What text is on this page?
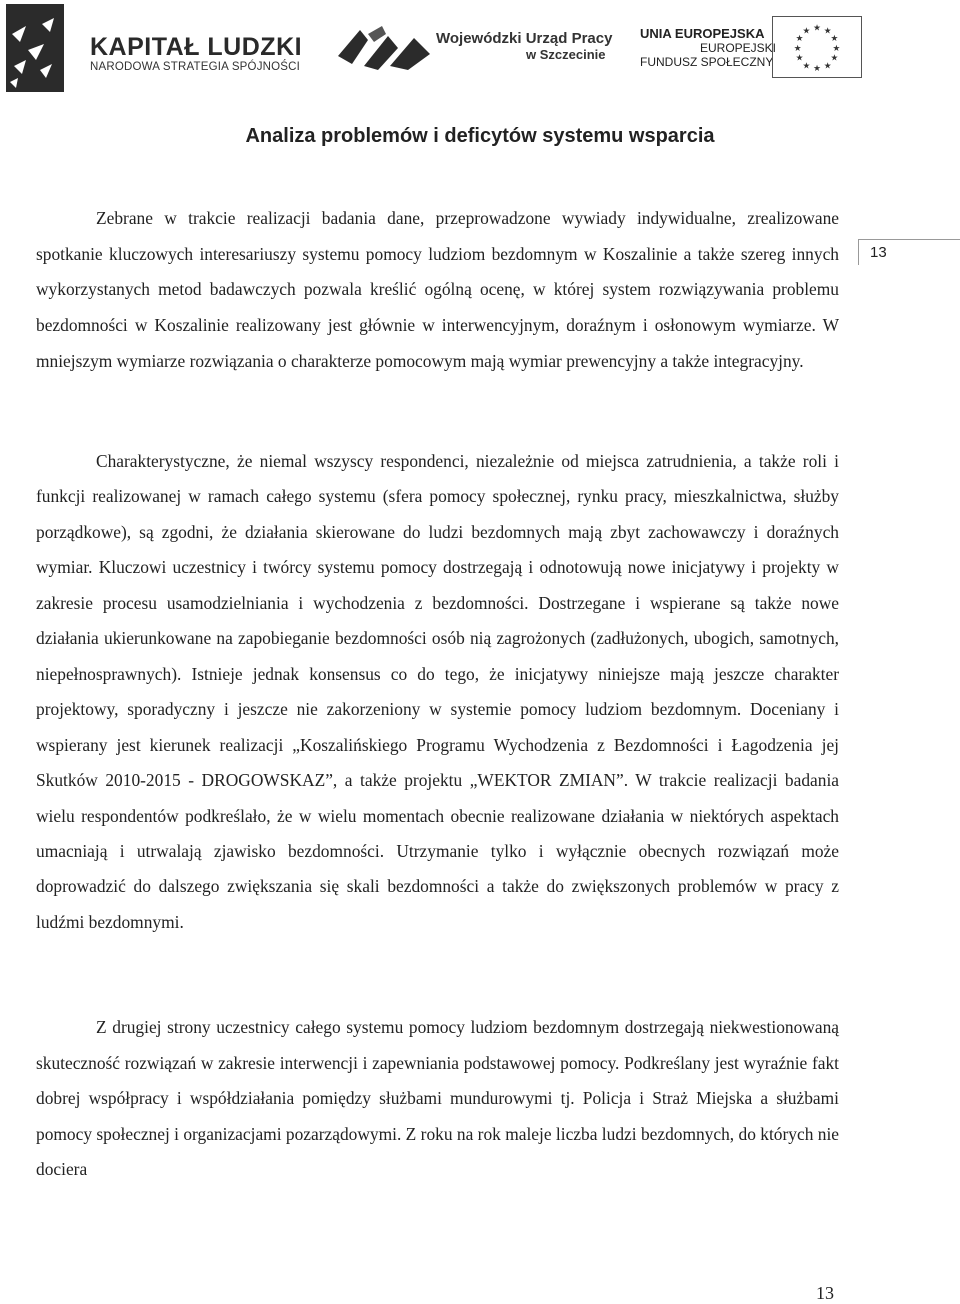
KAPITAŁ LUDZKI
NARODOWA STRATEGIA SPÓJNOŚCI
Wojewódzki Urząd Pracy
w Szczecinie
UNIA EUROPEJSKA
EUROPEJSKI
FUNDUSZ SPOŁECZNY
★ ★
★
★
★
★
★
★
★
★
★
★
Analiza problemów i deficytów systemu wsparcia

Zebrane w trakcie realizacji badania dane, przeprowadzone wywiady indywidualne, zrealizowane spotkanie kluczowych interesariuszy systemu pomocy ludziom bezdomnym w Koszalinie a także szereg innych wykorzystanych metod badawczych pozwala kreślić ogólną ocenę, w której system rozwiązywania problemu bezdomności w Koszalinie realizowany jest głównie w interwencyjnym, doraźnym i osłonowym wymiarze. W mniejszym wymiarze rozwiązania o charakterze pomocowym mają wymiar prewencyjny a także integracyjny.

Charakterystyczne, że niemal wszyscy respondenci, niezależnie od miejsca zatrudnienia, a także roli i funkcji realizowanej w ramach całego systemu (sfera pomocy społecznej, rynku pracy, mieszkalnictwa, służby porządkowe), są zgodni, że działania skierowane do ludzi bezdomnych mają zbyt zachowawczy i doraźnych wymiar. Kluczowi uczestnicy i twórcy systemu pomocy dostrzegają i odnotowują nowe inicjatywy i projekty w zakresie procesu usamodzielniania i wychodzenia z bezdomności. Dostrzegane i wspierane są także nowe działania ukierunkowane na zapobieganie bezdomności osób nią zagrożonych (zadłużonych, ubogich, samotnych, niepełnosprawnych). Istnieje jednak konsensus co do tego, że inicjatywy niniejsze mają jeszcze charakter projektowy, sporadyczny i jeszcze nie zakorzeniony w systemie pomocy ludziom bezdomnym. Doceniany i wspierany jest kierunek realizacji „Koszalińskiego Programu Wychodzenia z Bezdomności i Łagodzenia jej Skutków 2010-2015 - DROGOWSKAZ”, a także projektu „WEKTOR ZMIAN”. W trakcie realizacji badania wielu respondentów podkreślało, że w wielu momentach obecnie realizowane działania w niektórych aspektach umacniają i utrwalają zjawisko bezdomności. Utrzymanie tylko i wyłącznie obecnych rozwiązań może doprowadzić do dalszego zwiększania się skali bezdomności a także do zwiększonych problemów w pracy z ludźmi bezdomnymi.

Z drugiej strony uczestnicy całego systemu pomocy ludziom bezdomnym dostrzegają niekwestionowaną skuteczność rozwiązań w zakresie interwencji i zapewniania podstawowej pomocy. Podkreślany jest wyraźnie fakt dobrej współpracy i współdziałania pomiędzy służbami mundurowymi tj. Policja i Straż Miejska a służbami pomocy społecznej i organizacjami pozarządowymi. Z roku na rok maleje liczba ludzi bezdomnych, do których nie dociera

13
13
